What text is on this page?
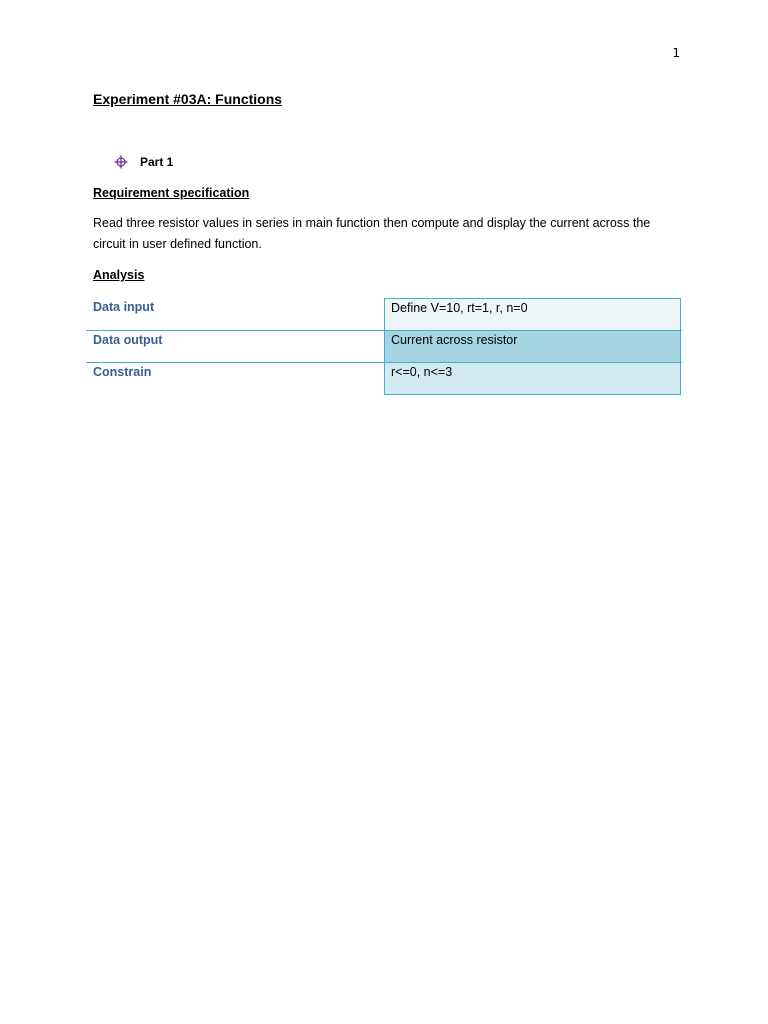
1
Experiment #03A: Functions
Part 1
Requirement specification

Read three resistor values in series in main function then compute and display the current across the circuit in user defined function.

Analysis
Data input	Define V=10, rt=1, r, n=0
Data output	Current across resistor
Constrain	r<=0, n<=3
